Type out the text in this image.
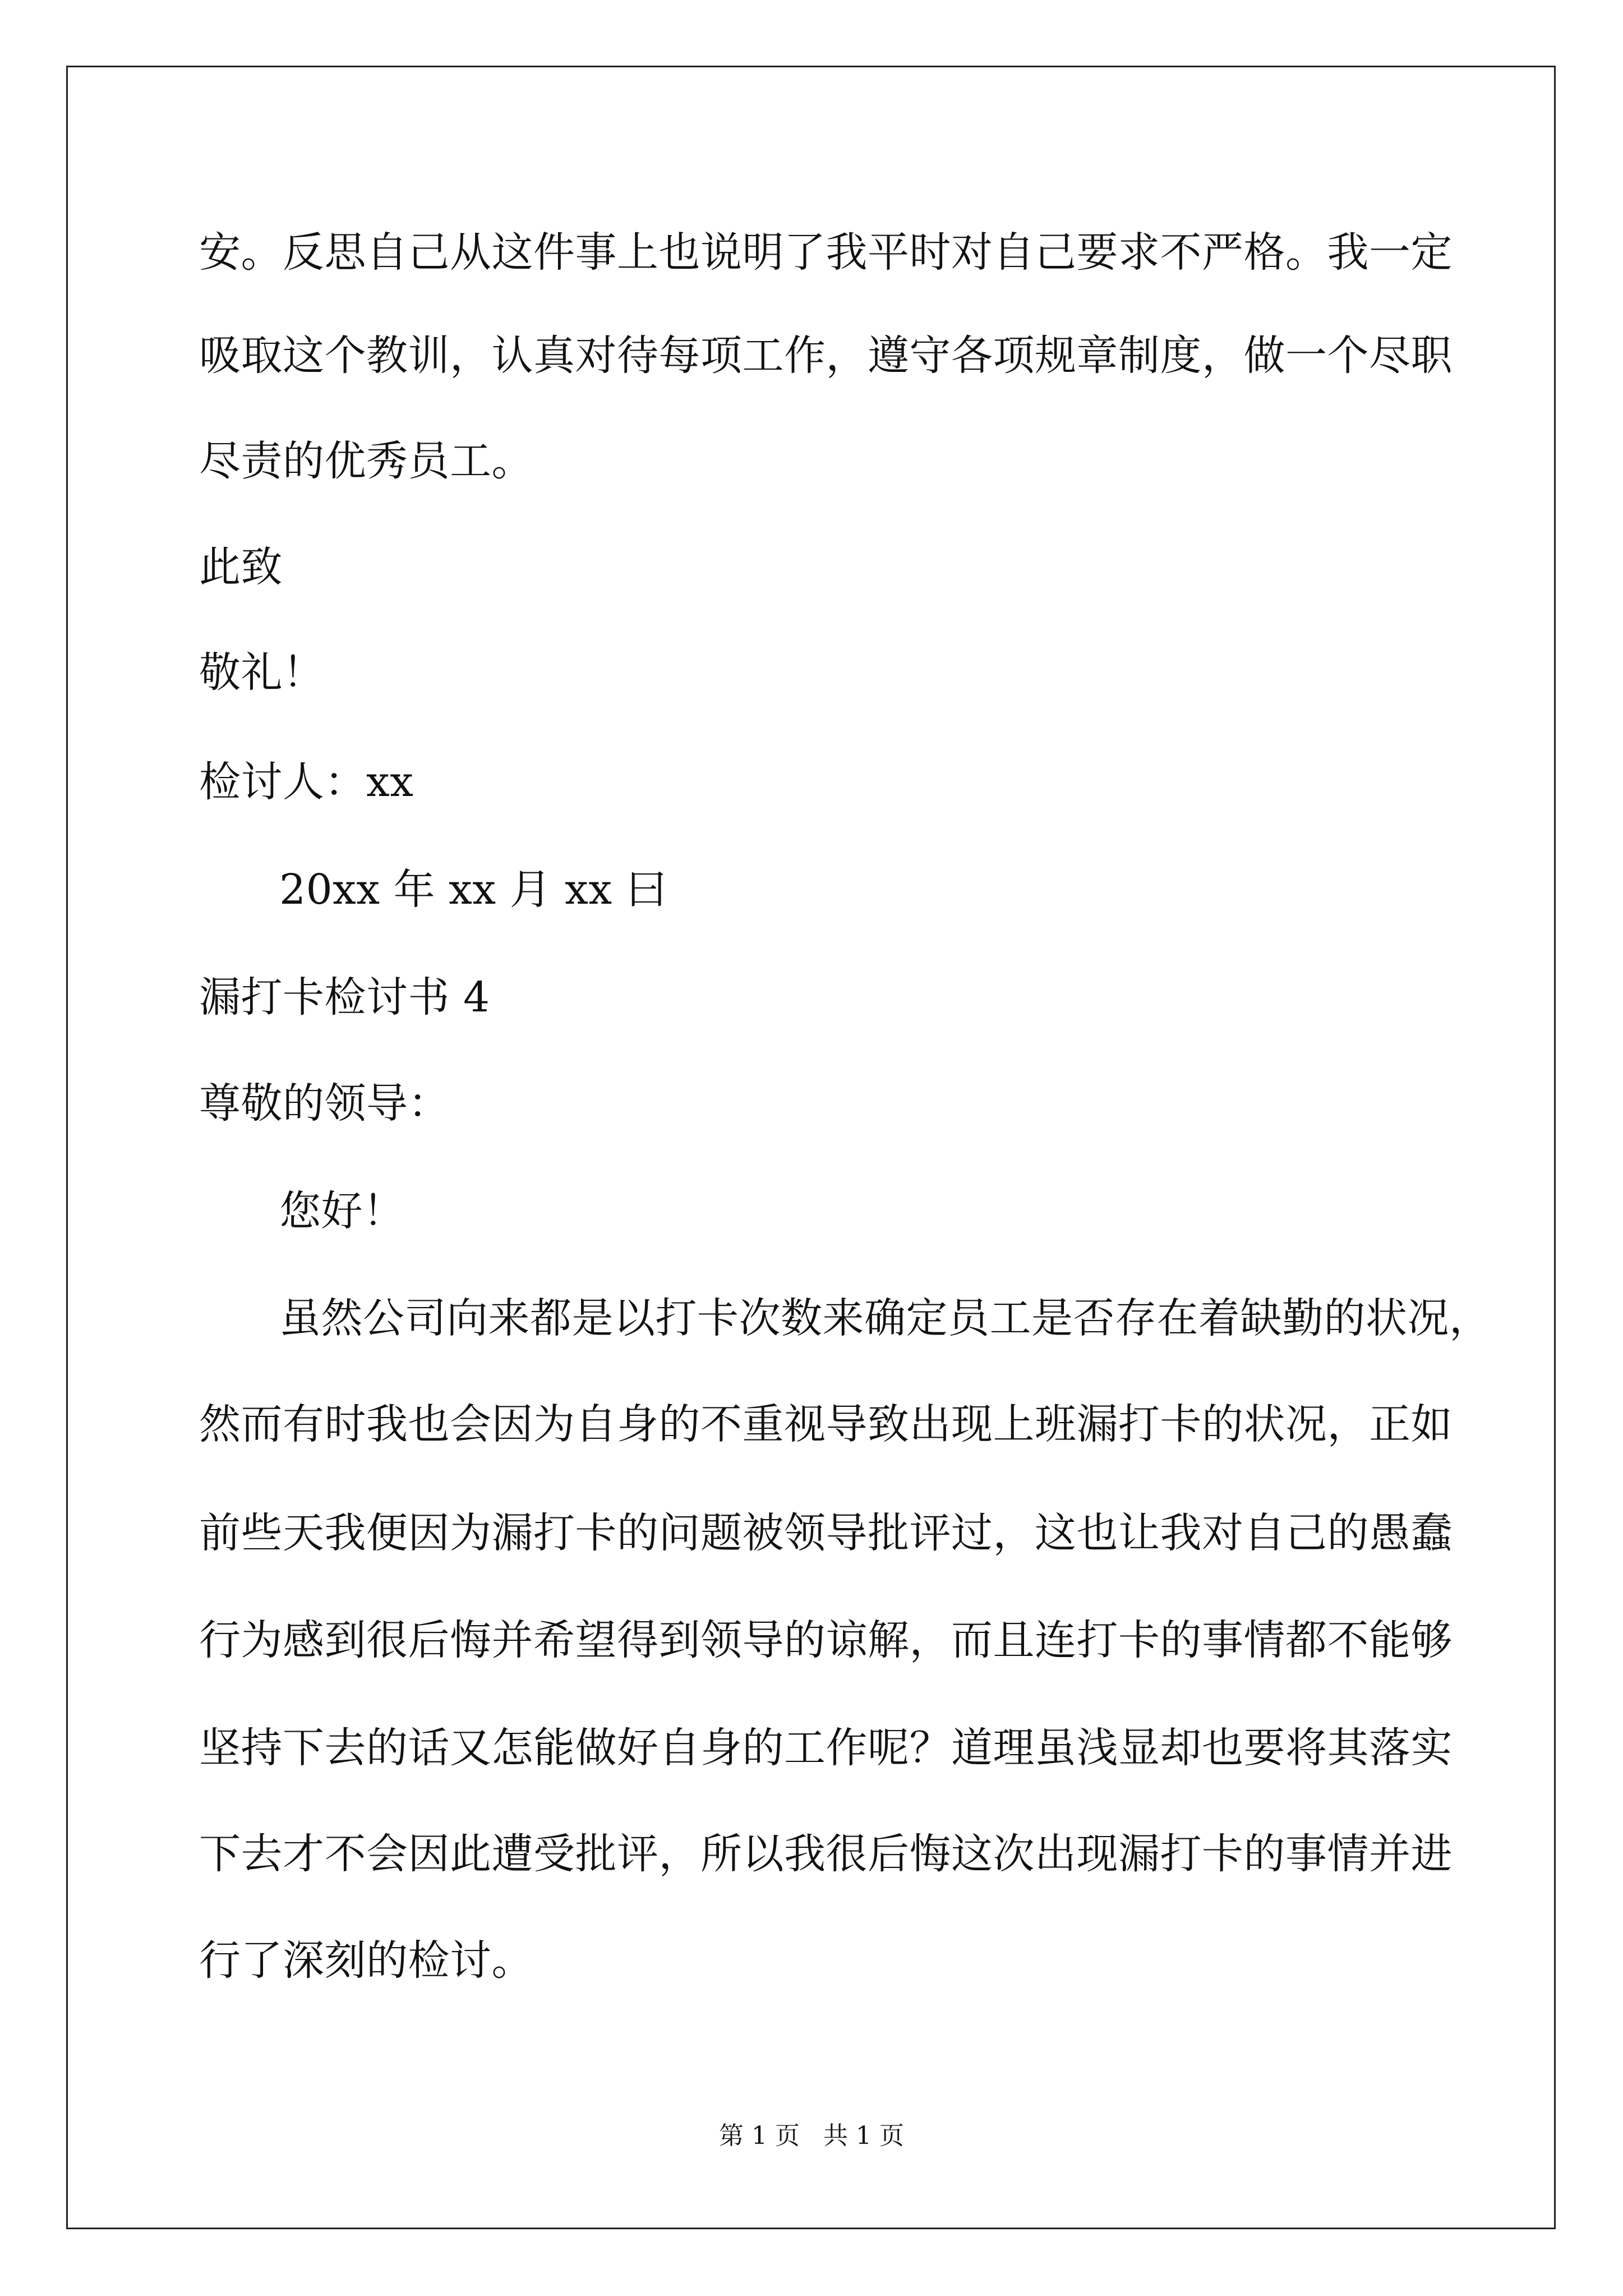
安。反思自己从这件事上也说明了我平时对自己要求不严格。我一定
吸取这个教训，认真对待每项工作，遵守各项规章制度，做一个尽职
尽责的优秀员工。
此致
敬礼！
检讨人：xx
20xx 年 xx 月 xx 曰
漏打卡检讨书 4
尊敬的领导：
您好！
虽然公司向来都是以打卡次数来确定员工是否存在着缺勤的状况，
然而有时我也会因为自身的不重视导致出现上班漏打卡的状况，正如
前些天我便因为漏打卡的问题被领导批评过，这也让我对自己的愚蠢
行为感到很后悔并希望得到领导的谅解，而且连打卡的事情都不能够
坚持下去的话又怎能做好自身的工作呢？道理虽浅显却也要将其落实
下去才不会因此遭受批评，所以我很后悔这次出现漏打卡的事情并进
行了深刻的检讨。
第 1 页   共 1 页
